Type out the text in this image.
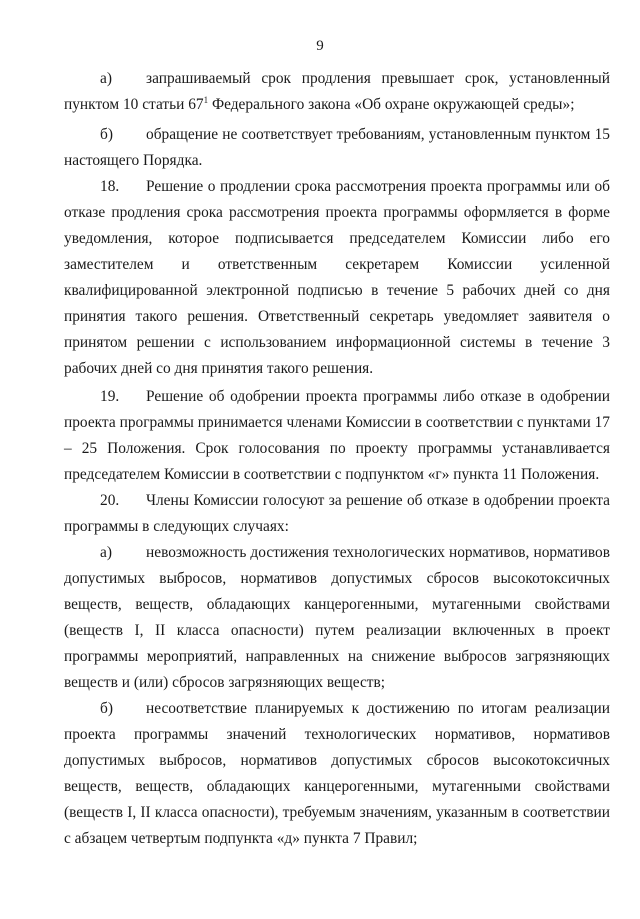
9

а) запрашиваемый срок продления превышает срок, установленный пунктом 10 статьи $67^1$ Федерального закона «Об охране окружающей среды»;

б) обращение не соответствует требованиям, установленным пунктом 15 настоящего Порядка.

18. Решение о продлении срока рассмотрения проекта программы или об отказе продления срока рассмотрения проекта программы оформляется в форме уведомления, которое подписывается председателем Комиссии либо его заместителем и ответственным секретарем Комиссии усиленной квалифицированной электронной подписью в течение 5 рабочих дней со дня принятия такого решения. Ответственный секретарь уведомляет заявителя о принятом решении с использованием информационной системы в течение 3 рабочих дней со дня принятия такого решения.

19. Решение об одобрении проекта программы либо отказе в одобрении проекта программы принимается членами Комиссии в соответствии с пунктами 17 – 25 Положения. Срок голосования по проекту программы устанавливается председателем Комиссии в соответствии с подпунктом «г» пункта 11 Положения.

20. Члены Комиссии голосуют за решение об отказе в одобрении проекта программы в следующих случаях:

а) невозможность достижения технологических нормативов, нормативов допустимых выбросов, нормативов допустимых сбросов высокотоксичных веществ, веществ, обладающих канцерогенными, мутагенными свойствами (веществ I, II класса опасности) путем реализации включенных в проект программы мероприятий, направленных на снижение выбросов загрязняющих веществ и (или) сбросов загрязняющих веществ;

б) несоответствие планируемых к достижению по итогам реализации проекта программы значений технологических нормативов, нормативов допустимых выбросов, нормативов допустимых сбросов высокотоксичных веществ, веществ, обладающих канцерогенными, мутагенными свойствами (веществ I, II класса опасности), требуемым значениям, указанным в соответствии с абзацем четвертым подпункта «д» пункта 7 Правил;
